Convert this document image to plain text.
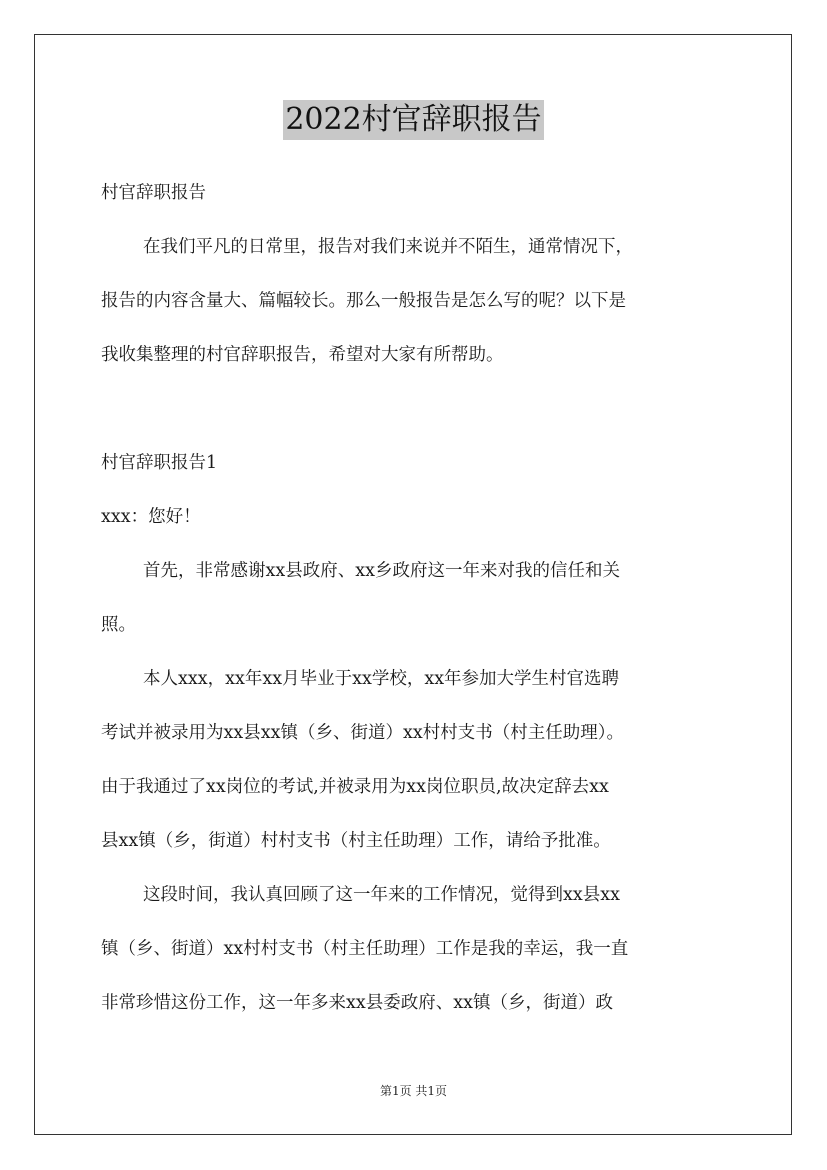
2022村官辞职报告
村官辞职报告
在我们平凡的日常里，报告对我们来说并不陌生，通常情况下，
报告的内容含量大、篇幅较长。那么一般报告是怎么写的呢？以下是
我收集整理的村官辞职报告，希望对大家有所帮助。
村官辞职报告1
xxx：您好！
首先，非常感谢xx县政府、xx乡政府这一年来对我的信任和关
照。
本人xxx，xx年xx月毕业于xx学校，xx年参加大学生村官选聘
考试并被录用为xx县xx镇（乡、街道）xx村村支书（村主任助理）。
由于我通过了xx岗位的考试,并被录用为xx岗位职员,故决定辞去xx
县xx镇（乡，街道）村村支书（村主任助理）工作，请给予批准。
这段时间，我认真回顾了这一年来的工作情况，觉得到xx县xx
镇（乡、街道）xx村村支书（村主任助理）工作是我的幸运，我一直
非常珍惜这份工作，这一年多来xx县委政府、xx镇（乡，街道）政
第1页 共1页
